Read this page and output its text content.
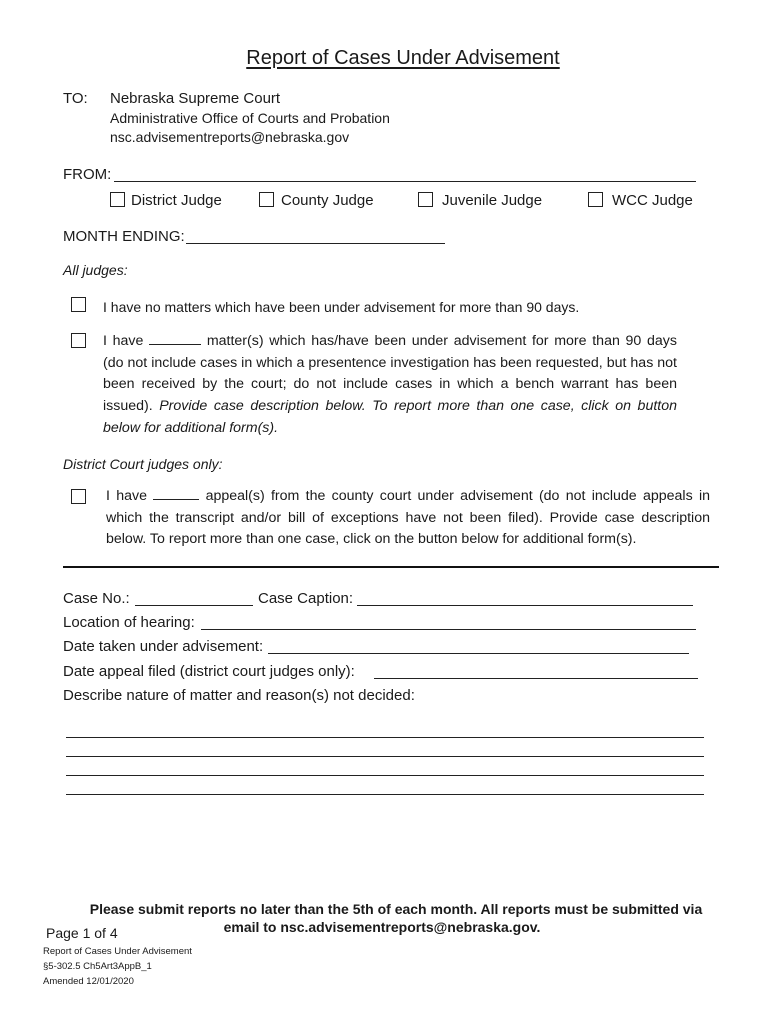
Report of Cases Under Advisement
TO: Nebraska Supreme Court
Administrative Office of Courts and Probation
nsc.advisementreports@nebraska.gov
FROM:
District Judge	County Judge	Juvenile Judge	WCC Judge
MONTH ENDING:
All judges:
I have no matters which have been under advisement for more than 90 days.
I have	matter(s) which has/have been under advisement for more than 90 days (do not include cases in which a presentence investigation has been requested, but has not been received by the court; do not include cases in which a bench warrant has been issued). Provide case description below. To report more than one case, click on button below for additional form(s).
District Court judges only:
I have	appeal(s) from the county court under advisement (do not include appeals in which the transcript and/or bill of exceptions have not been filed). Provide case description below. To report more than one case, click on the button below for additional form(s).
Case No.:	Case Caption:
Location of hearing:
Date taken under advisement:
Date appeal filed (district court judges only):
Describe nature of matter and reason(s) not decided:
Please submit reports no later than the 5th of each month. All reports must be submitted via
email to nsc.advisementreports@nebraska.gov.
Page 1 of 4
Report of Cases Under Advisement
§5-302.5 Ch5Art3AppB_1
Amended 12/01/2020
